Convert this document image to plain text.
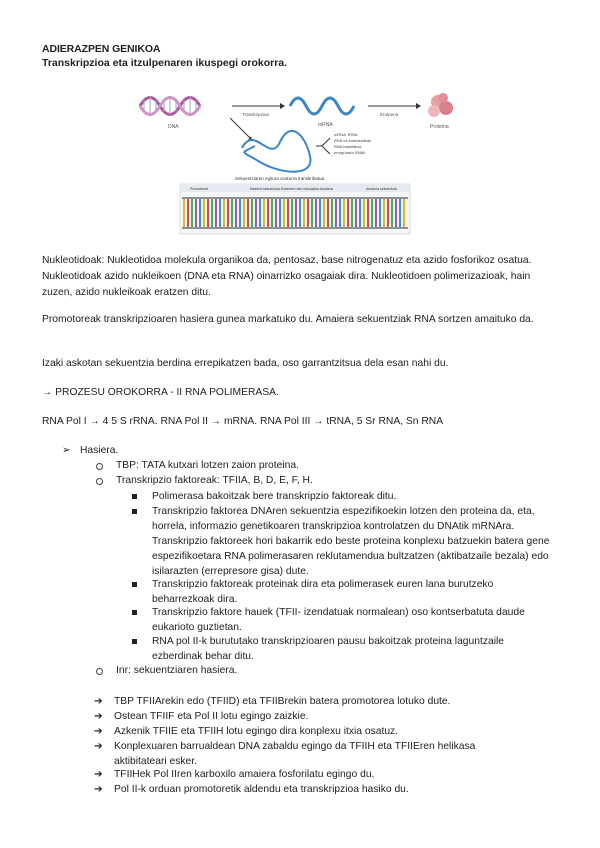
ADIERAZPEN GENIKOA
Transkripzioa eta itzulpenaren ikuspegi orokorra.
DNA
Transkripzioa
mRNA
Itzulpena
Proteina
mRNA, tRNA
RNA ez-kodetzaileak
RNA katalitikoa
erregulazio RNAk
Sekuentziaren egitura orokorra transkribatua
Promotorea	Hasiera sekuentzia Kodetzen den eskualdea Amaiera	Amaiera sekuentzia
Nukleotidoak: Nukleotidoa molekula organikoa da, pentosaz, base nitrogenatuz eta azido fosforikoz osatua. Nukleotidoak azido nukleikoen (DNA eta RNA) oinarrizko osagaiak dira. Nukleotidoen polimerizazioak, hain zuzen, azido nukleikoak eratzen ditu.
Promotoreak transkripzioaren hasiera gunea markatuko du. Amaiera sekuentziak RNA sortzen amaituko da.
Izaki askotan sekuentzia berdina errepikatzen bada, oso garrantzitsua dela esan nahi du.
→ PROZESU OROKORRA - II RNA POLIMERASA.
RNA Pol I → 4 5 S rRNA. RNA Pol II → mRNA. RNA Pol III → tRNA, 5 Sr RNA, Sn RNA
➢ Hasiera.
TBP: TATA kutxari lotzen zaion proteina.
Transkripzio faktoreak: TFIIA, B, D, E, F, H.
Polimerasa bakoitzak bere transkripzio faktoreak ditu.
Transkripzio faktorea DNAren sekuentzia espezifikoekin lotzen den proteina da, eta, horrela, informazio genetikoaren transkripzioa kontrolatzen du DNAtik mRNAra. Transkripzio faktoreek hori bakarrik edo beste proteina konplexu batzuekin batera gene espezifikoetara RNA polimerasaren reklutamendua bultzatzen (aktibatzaile bezala) edo isilarazten (errepresore gisa) dute.
Transkripzio faktoreak proteinak dira eta polimerasek euren lana burutzeko beharrezkoak dira.
Transkripzio faktore hauek (TFII- izendatuak normalean) oso kontserbatuta daude eukarioto guztietan.
RNA pol II-k burututako transkripzioaren pausu bakoitzak proteina laguntzaile ezberdinak behar ditu.
Inr: sekuentziaren hasiera.
➔ TBP TFIIArekin edo (TFIID) eta TFIIBrekin batera promotorea lotuko dute.
➔ Ostean TFIIF eta Pol II lotu egingo zaizkie.
➔ Azkenik TFIIE eta TFIIH lotu egingo dira konplexu itxia osatuz.
➔ Konplexuaren barrualdean DNA zabaldu egingo da TFIIH eta TFIIEren helikasa aktibitateari esker.
➔ TFIIHek Pol IIren karboxilo amaiera fosforilatu egingo du.
➔ Pol II-k orduan promotoretik aldendu eta transkripzioa hasiko du.
